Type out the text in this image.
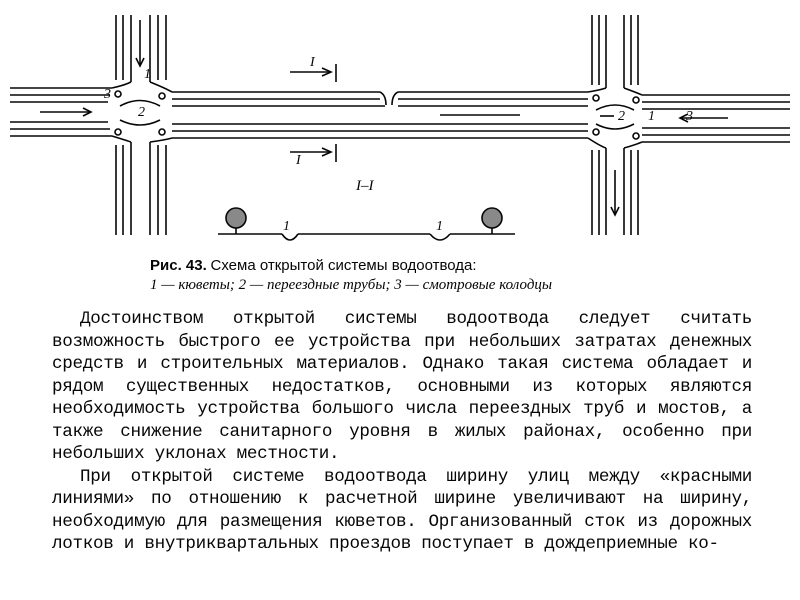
1
2
3
2 1 3
I
I
I–I
1	1
Рис. 43. Схема открытой системы водоотвода:
1 — кюветы; 2 — переездные трубы; 3 — смотровые колодцы

Достоинством открытой системы водоотвода следует считать возможность быстрого ее устройства при небольших затратах денежных средств и строительных материалов. Однако такая система обладает и рядом существенных недостатков, основными из которых являются необходимость устройства большого числа переездных труб и мостов, а также снижение санитарного уровня в жилых районах, особенно при небольших уклонах местности.

При открытой системе водоотвода ширину улиц между «красными линиями» по отношению к расчетной ширине увеличивают на ширину, необходимую для размещения кюветов. Организованный сток из дорожных лотков и внутриквартальных проездов поступает в дождеприемные ко-
